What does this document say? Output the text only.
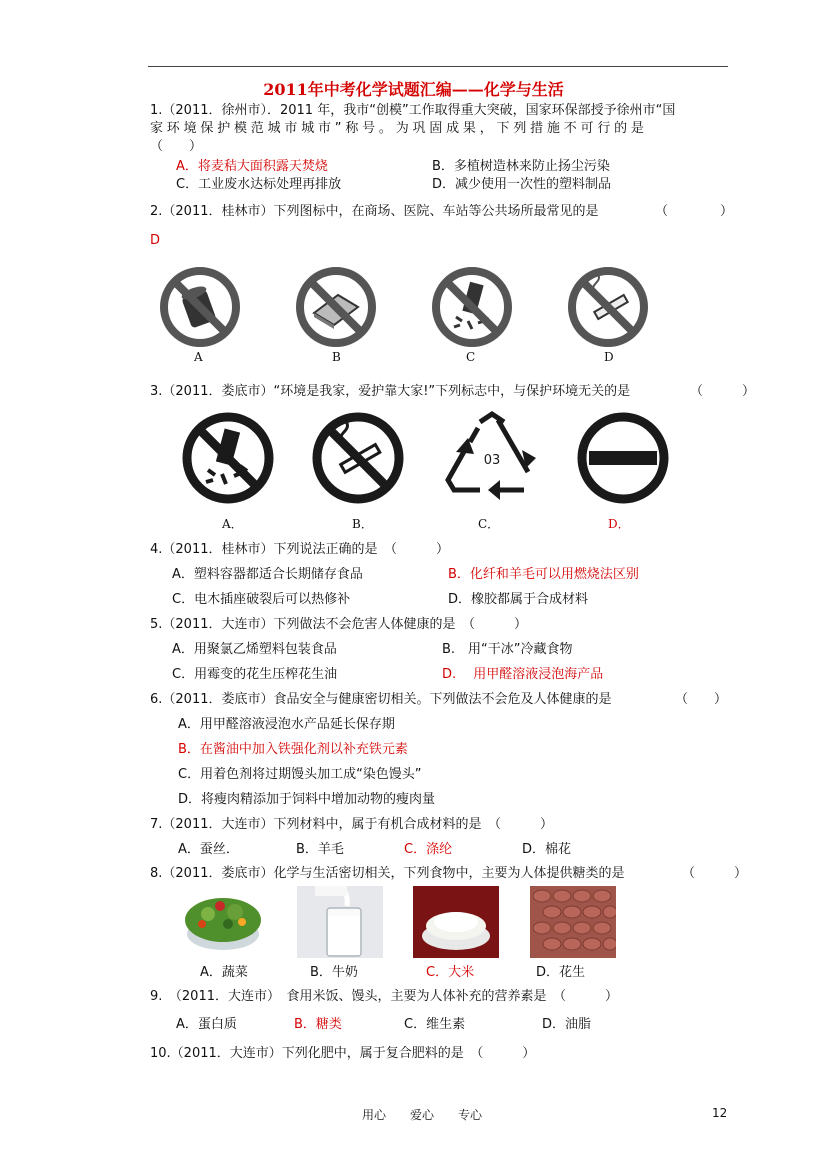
2011年中考化学试题汇编——化学与生活
1.（2011．徐州市）．2011 年，我市“创模”工作取得重大突破，国家环保部授予徐州市“国
家环境保护模范城市城市”称号。为巩固成果，下列措施不可行的是
（　　）
A．将麦秸大面积露天焚烧	B．多植树造林来防止扬尘污染
C．工业废水达标处理再排放	D．减少使用一次性的塑料制品
2.（2011．桂林市）下列图标中，在商场、医院、车站等公共场所最常见的是	（　　　　）
D
A	B	C	D
3.（2011．娄底市）“环境是我家，爱护靠大家!”下列标志中，与保护环境无关的是	（　　　）
03
A．	B．	C．	D．
4.（2011．桂林市）下列说法正确的是　（　　　）
A．塑料容器都适合长期储存食品	B．化纤和羊毛可以用燃烧法区别
C．电木插座破裂后可以热修补	D．橡胶都属于合成材料
5.（2011．大连市）下列做法不会危害人体健康的是　（　　　）
A．用聚氯乙烯塑料包装食品	B.　用“干冰”冷藏食物
C．用霉变的花生压榨花生油	D.　 用甲醛溶液浸泡海产品
6.（2011．娄底市）食品安全与健康密切相关。下列做法不会危及人体健康的是	（　　）
A．用甲醛溶液浸泡水产品延长保存期
B．在酱油中加入铁强化剂以补充铁元素
C．用着色剂将过期馒头加工成“染色馒头”
D．将瘦肉精添加于饲料中增加动物的瘦肉量
7.（2011．大连市）下列材料中，属于有机合成材料的是　（　　　）
A．蚕丝．	B．羊毛	C．涤纶	D．棉花
8.（2011．娄底市）化学与生活密切相关，下列食物中，主要为人体提供糖类的是	（　　　）
A．蔬菜	B．牛奶	C．大米	D．花生
9.　（2011．大连市）　食用米饭、馒头，主要为人体补充的营养素是　（　　　）
A．蛋白质	B．糖类	C．维生素	D．油脂
10.（2011．大连市）下列化肥中，属于复合肥料的是　（　　　）
用心　　爱心　　专心	12
